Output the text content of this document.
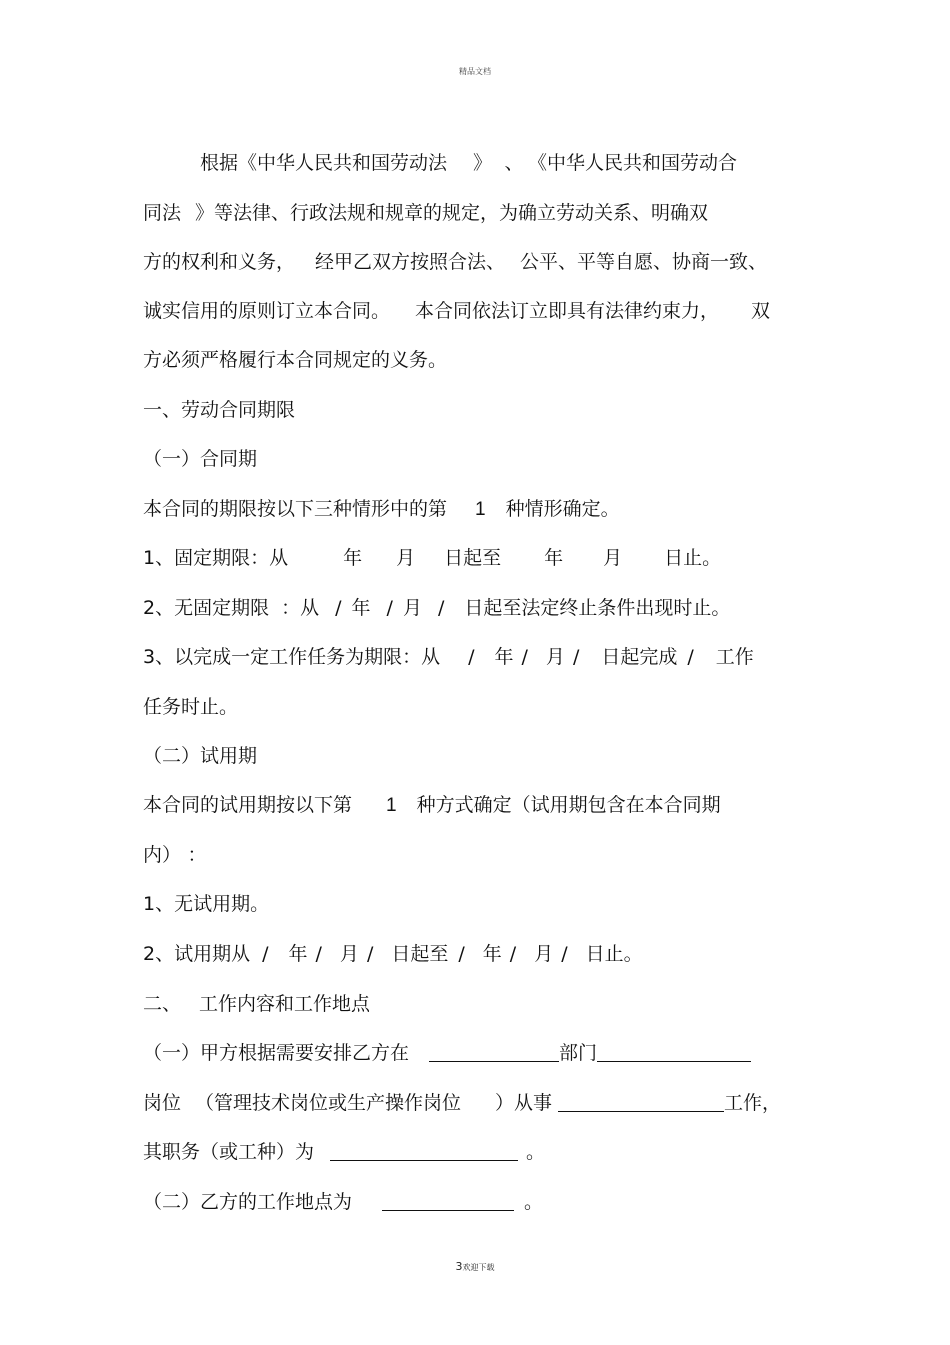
精品文档
根据《中华人民共和国劳动法 》 、 《中华人民共和国劳动合
同法 》等法律、行政法规和规章的规定，为确立劳动关系、明确双
方的权利和义务， 经甲乙双方按照合法、 公平、平等自愿、协商一致、
诚实信用的原则订立本合同。 本合同依法订立即具有法律约束力， 双
方必须严格履行本合同规定的义务。
一、劳动合同期限
（一）合同期
本合同的期限按以下三种情形中的第 1 种情形确定。
1、固定期限：从	年 月 日起至 年 月 日止。
2、无固定期限 ：从 / 年 / 月 / 日起至法定终止条件出现时止。
3、以完成一定工作任务为期限：从 / 年 / 月 / 日起完成 / 工作
任务时止。
（二）试用期
本合同的试用期按以下第 1 种方式确定（试用期包含在本合同期
内） ：
1、无试用期。
2、试用期从 / 年 / 月 / 日起至 / 年 / 月 / 日止。
二、 工作内容和工作地点
（一）甲方根据需要安排乙方在	部门
岗位 （管理技术岗位或生产操作岗位 ）从事	工作，
其职务（或工种）为	。
（二）乙方的工作地点为	。
3欢迎下载
